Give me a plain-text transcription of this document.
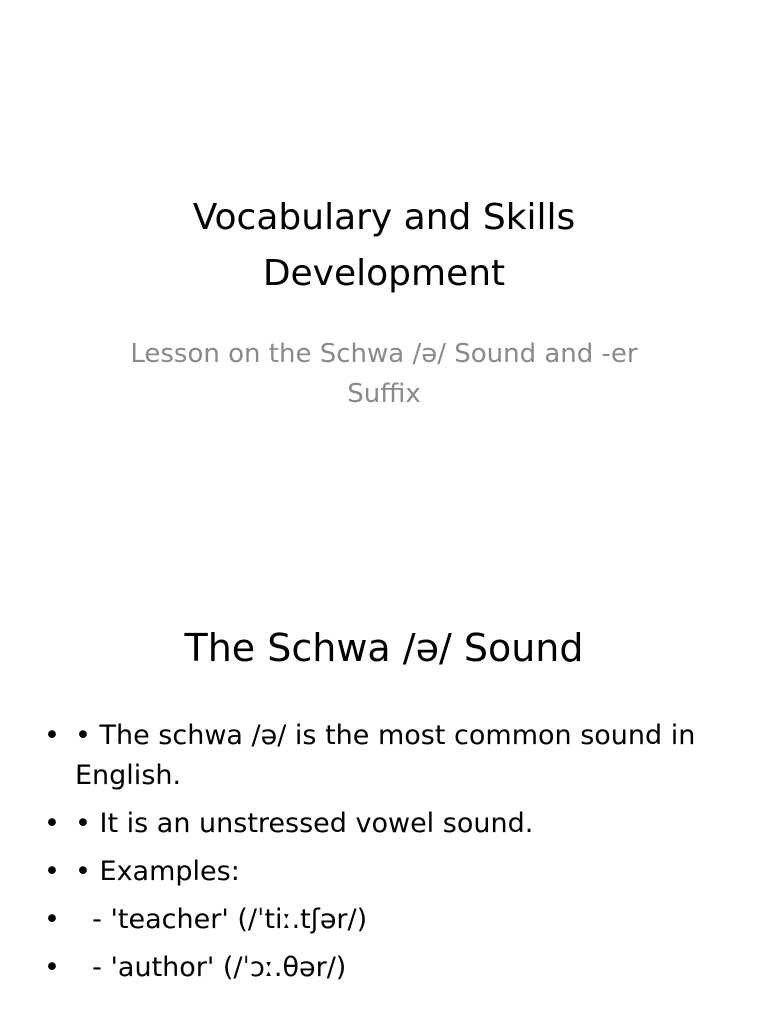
Vocabulary and Skills Development

Lesson on the Schwa /ə/ Sound and -er Suffix

The Schwa /ə/ Sound
• • The schwa /ə/ is the most common sound in English.
• • It is an unstressed vowel sound.
• • Examples:
• - 'teacher' (/ˈtiː.tʃər/)
• - 'author' (/ˈɔː.θər/)
